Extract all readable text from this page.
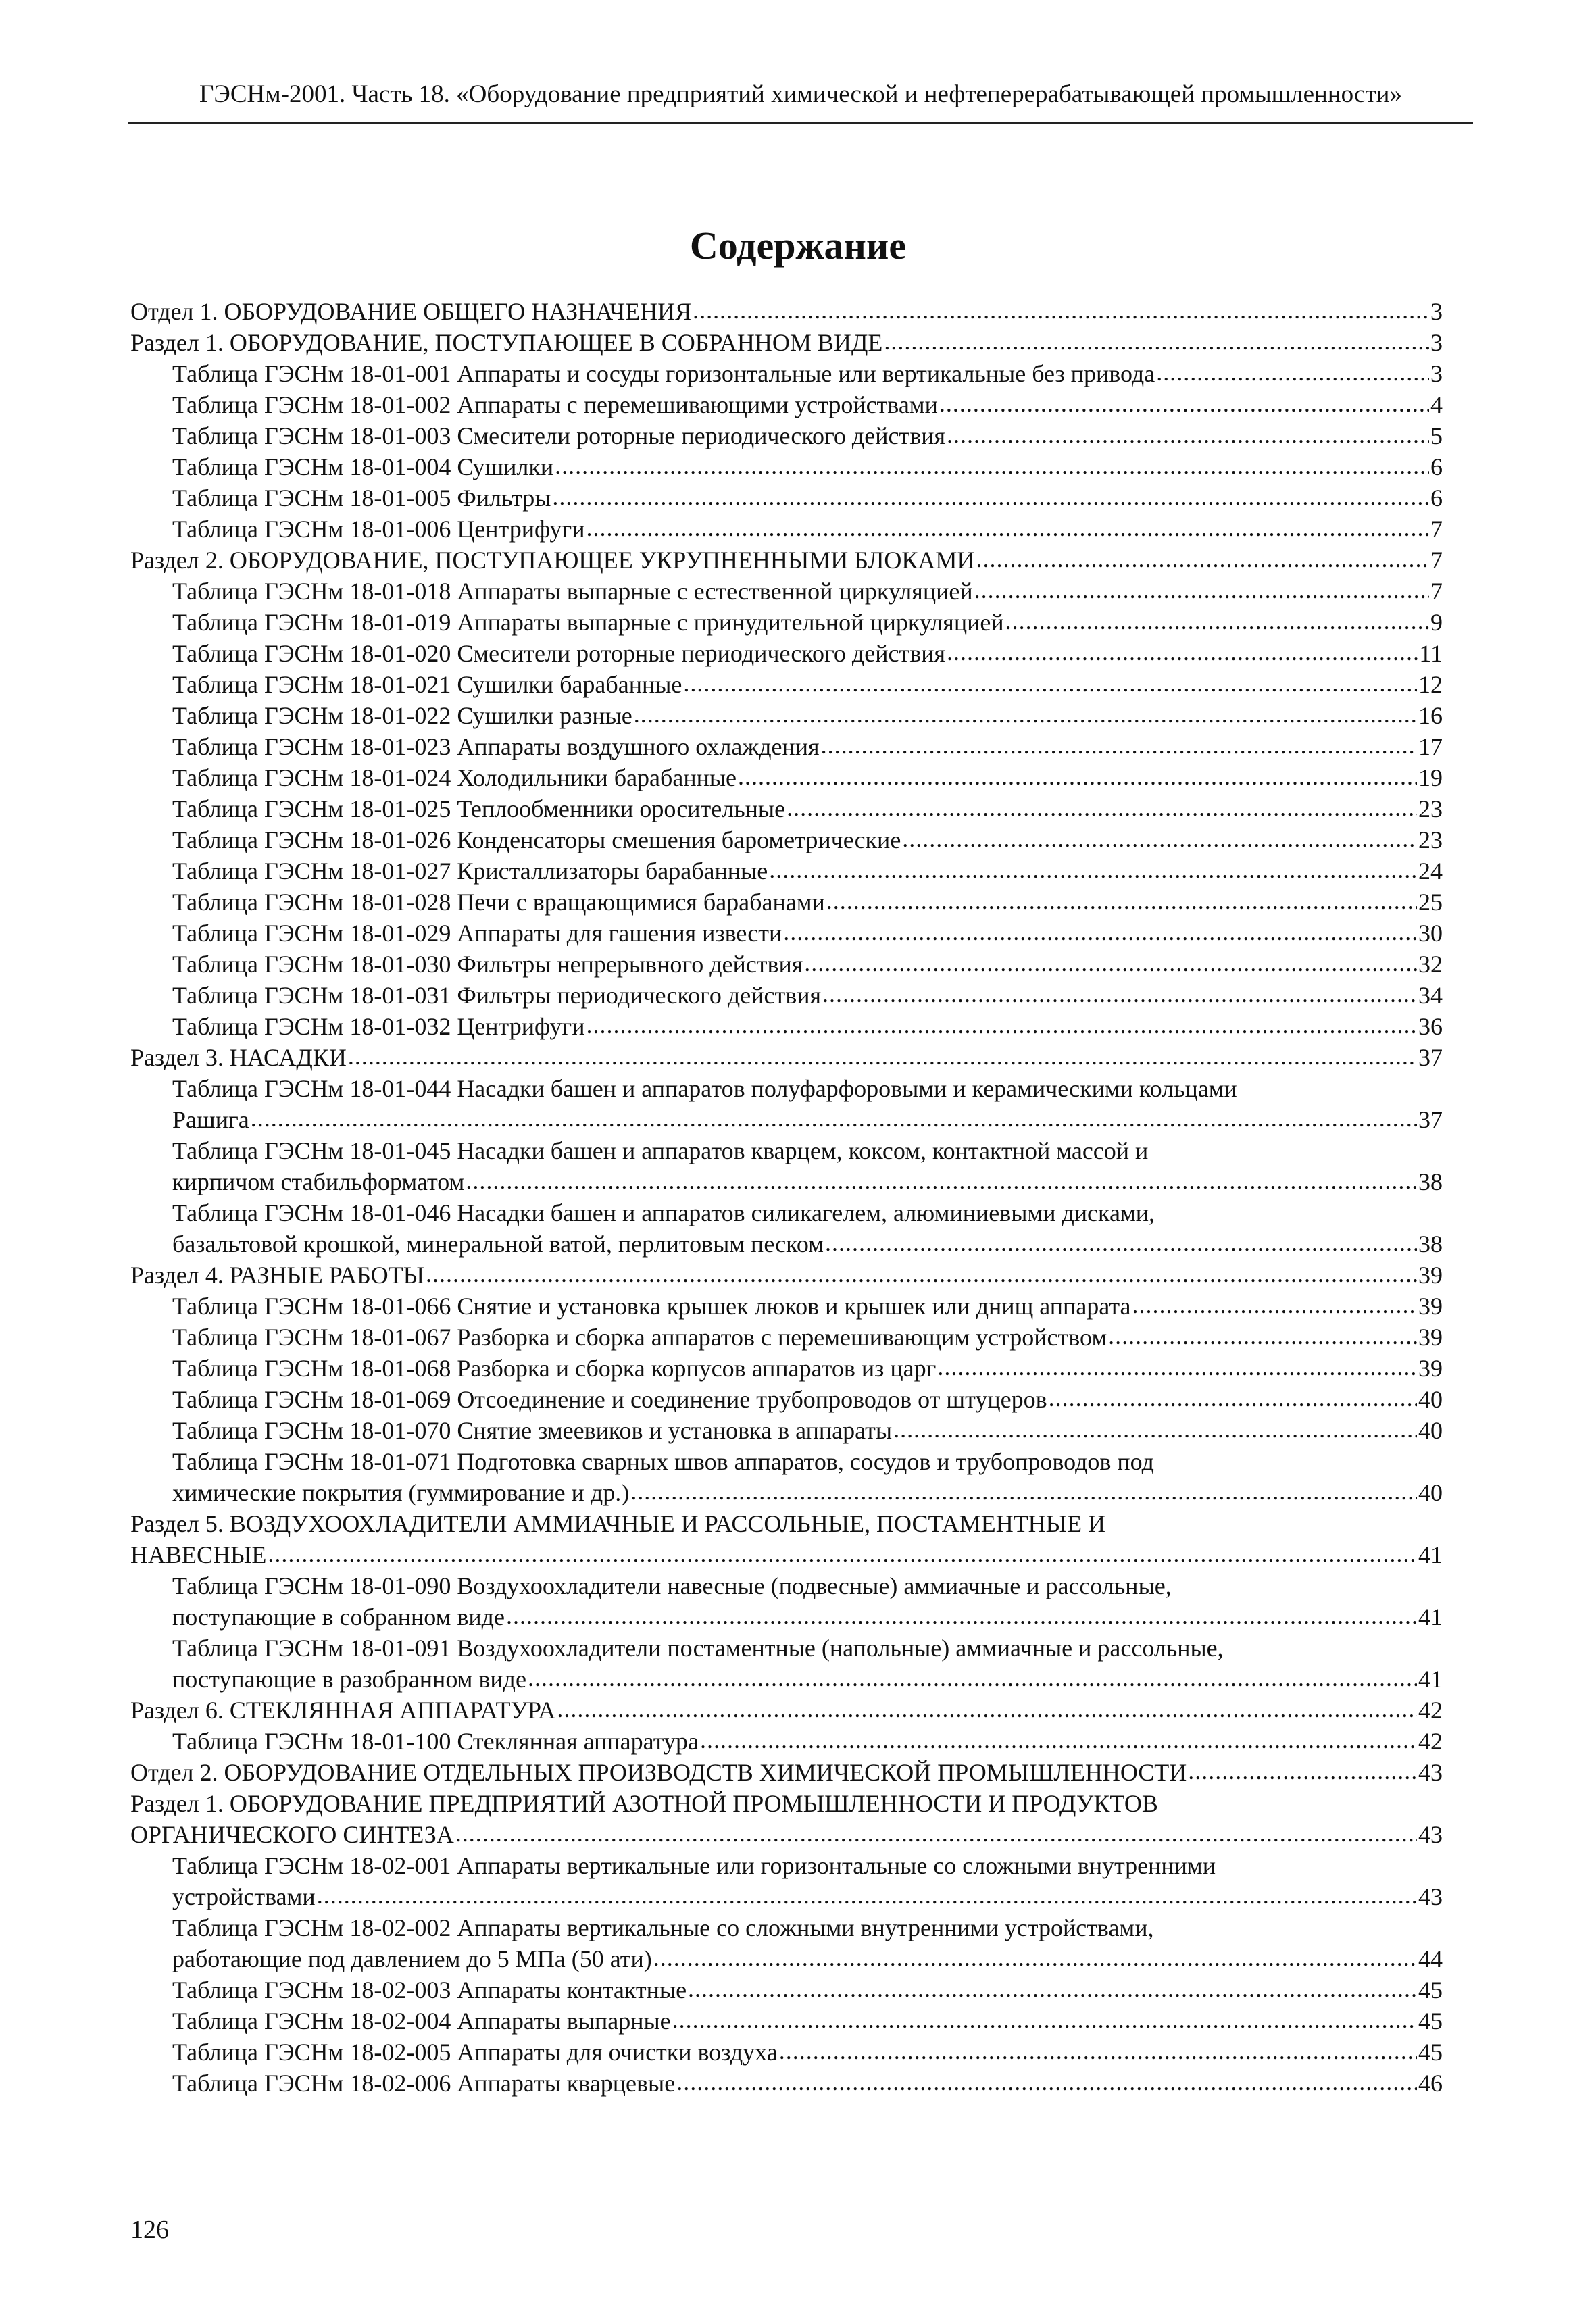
ГЭСНм-2001. Часть 18. «Оборудование предприятий химической и нефтеперерабатывающей промышленности»
Содержание
Отдел 1. ОБОРУДОВАНИЕ ОБЩЕГО НАЗНАЧЕНИЯ .....	3
Раздел 1. ОБОРУДОВАНИЕ, ПОСТУПАЮЩЕЕ В СОБРАННОМ ВИДЕ .....	3
Таблица ГЭСНм 18-01-001 Аппараты и сосуды горизонтальные или вертикальные без привода .....	3
Таблица ГЭСНм 18-01-002 Аппараты с перемешивающими устройствами .....	4
Таблица ГЭСНм 18-01-003 Смесители роторные периодического действия .....	5
Таблица ГЭСНм 18-01-004 Сушилки .....	6
Таблица ГЭСНм 18-01-005 Фильтры .....	6
Таблица ГЭСНм 18-01-006 Центрифуги .....	7
Раздел 2. ОБОРУДОВАНИЕ, ПОСТУПАЮЩЕЕ УКРУПНЕННЫМИ БЛОКАМИ .....	7
Таблица ГЭСНм 18-01-018 Аппараты выпарные с естественной циркуляцией .....	7
Таблица ГЭСНм 18-01-019 Аппараты выпарные с принудительной циркуляцией .....	9
Таблица ГЭСНм 18-01-020 Смесители роторные периодического действия .....	11
Таблица ГЭСНм 18-01-021 Сушилки барабанные .....	12
Таблица ГЭСНм 18-01-022 Сушилки разные .....	16
Таблица ГЭСНм 18-01-023 Аппараты воздушного охлаждения .....	17
Таблица ГЭСНм 18-01-024 Холодильники барабанные .....	19
Таблица ГЭСНм 18-01-025 Теплообменники оросительные .....	23
Таблица ГЭСНм 18-01-026 Конденсаторы смешения барометрические .....	23
Таблица ГЭСНм 18-01-027 Кристаллизаторы барабанные .....	24
Таблица ГЭСНм 18-01-028 Печи с вращающимися барабанами .....	25
Таблица ГЭСНм 18-01-029 Аппараты для гашения извести .....	30
Таблица ГЭСНм 18-01-030 Фильтры непрерывного действия .....	32
Таблица ГЭСНм 18-01-031 Фильтры периодического действия .....	34
Таблица ГЭСНм 18-01-032 Центрифуги .....	36
Раздел 3. НАСАДКИ .....	37
Таблица ГЭСНм 18-01-044 Насадки башен и аппаратов полуфарфоровыми и керамическими кольцами
Рашига .....	37
Таблица ГЭСНм 18-01-045 Насадки башен и аппаратов кварцем, коксом, контактной массой и
кирпичом стабильформатом .....	38
Таблица ГЭСНм 18-01-046 Насадки башен и аппаратов силикагелем, алюминиевыми дисками,
базальтовой крошкой, минеральной ватой, перлитовым песком .....	38
Раздел 4. РАЗНЫЕ РАБОТЫ .....	39
Таблица ГЭСНм 18-01-066 Снятие и установка крышек люков и крышек или днищ аппарата .....	39
Таблица ГЭСНм 18-01-067 Разборка и сборка аппаратов с перемешивающим устройством .....	39
Таблица ГЭСНм 18-01-068 Разборка и сборка корпусов аппаратов из царг .....	39
Таблица ГЭСНм 18-01-069 Отсоединение и соединение трубопроводов от штуцеров .....	40
Таблица ГЭСНм 18-01-070 Снятие змеевиков и установка в аппараты .....	40
Таблица ГЭСНм 18-01-071 Подготовка сварных швов аппаратов, сосудов и трубопроводов под
химические покрытия (гуммирование и др.) .....	40
Раздел 5. ВОЗДУХООХЛАДИТЕЛИ АММИАЧНЫЕ И РАССОЛЬНЫЕ, ПОСТАМЕНТНЫЕ И
НАВЕСНЫЕ .....	41
Таблица ГЭСНм 18-01-090 Воздухоохладители навесные (подвесные) аммиачные и рассольные,
поступающие в собранном виде .....	41
Таблица ГЭСНм 18-01-091 Воздухоохладители постаментные (напольные) аммиачные и рассольные,
поступающие в разобранном виде .....	41
Раздел 6. СТЕКЛЯННАЯ АППАРАТУРА .....	42
Таблица ГЭСНм 18-01-100 Стеклянная аппаратура .....	42
Отдел 2. ОБОРУДОВАНИЕ ОТДЕЛЬНЫХ ПРОИЗВОДСТВ ХИМИЧЕСКОЙ ПРОМЫШЛЕННОСТИ .....	43
Раздел 1. ОБОРУДОВАНИЕ ПРЕДПРИЯТИЙ АЗОТНОЙ ПРОМЫШЛЕННОСТИ И ПРОДУКТОВ
ОРГАНИЧЕСКОГО СИНТЕЗА .....	43
Таблица ГЭСНм 18-02-001 Аппараты вертикальные или горизонтальные со сложными внутренними
устройствами .....	43
Таблица ГЭСНм 18-02-002 Аппараты вертикальные со сложными внутренними устройствами,
работающие под давлением до 5 МПа (50 ати) .....	44
Таблица ГЭСНм 18-02-003 Аппараты контактные .....	45
Таблица ГЭСНм 18-02-004 Аппараты выпарные .....	45
Таблица ГЭСНм 18-02-005 Аппараты для очистки воздуха .....	45
Таблица ГЭСНм 18-02-006 Аппараты кварцевые .....	46
126
